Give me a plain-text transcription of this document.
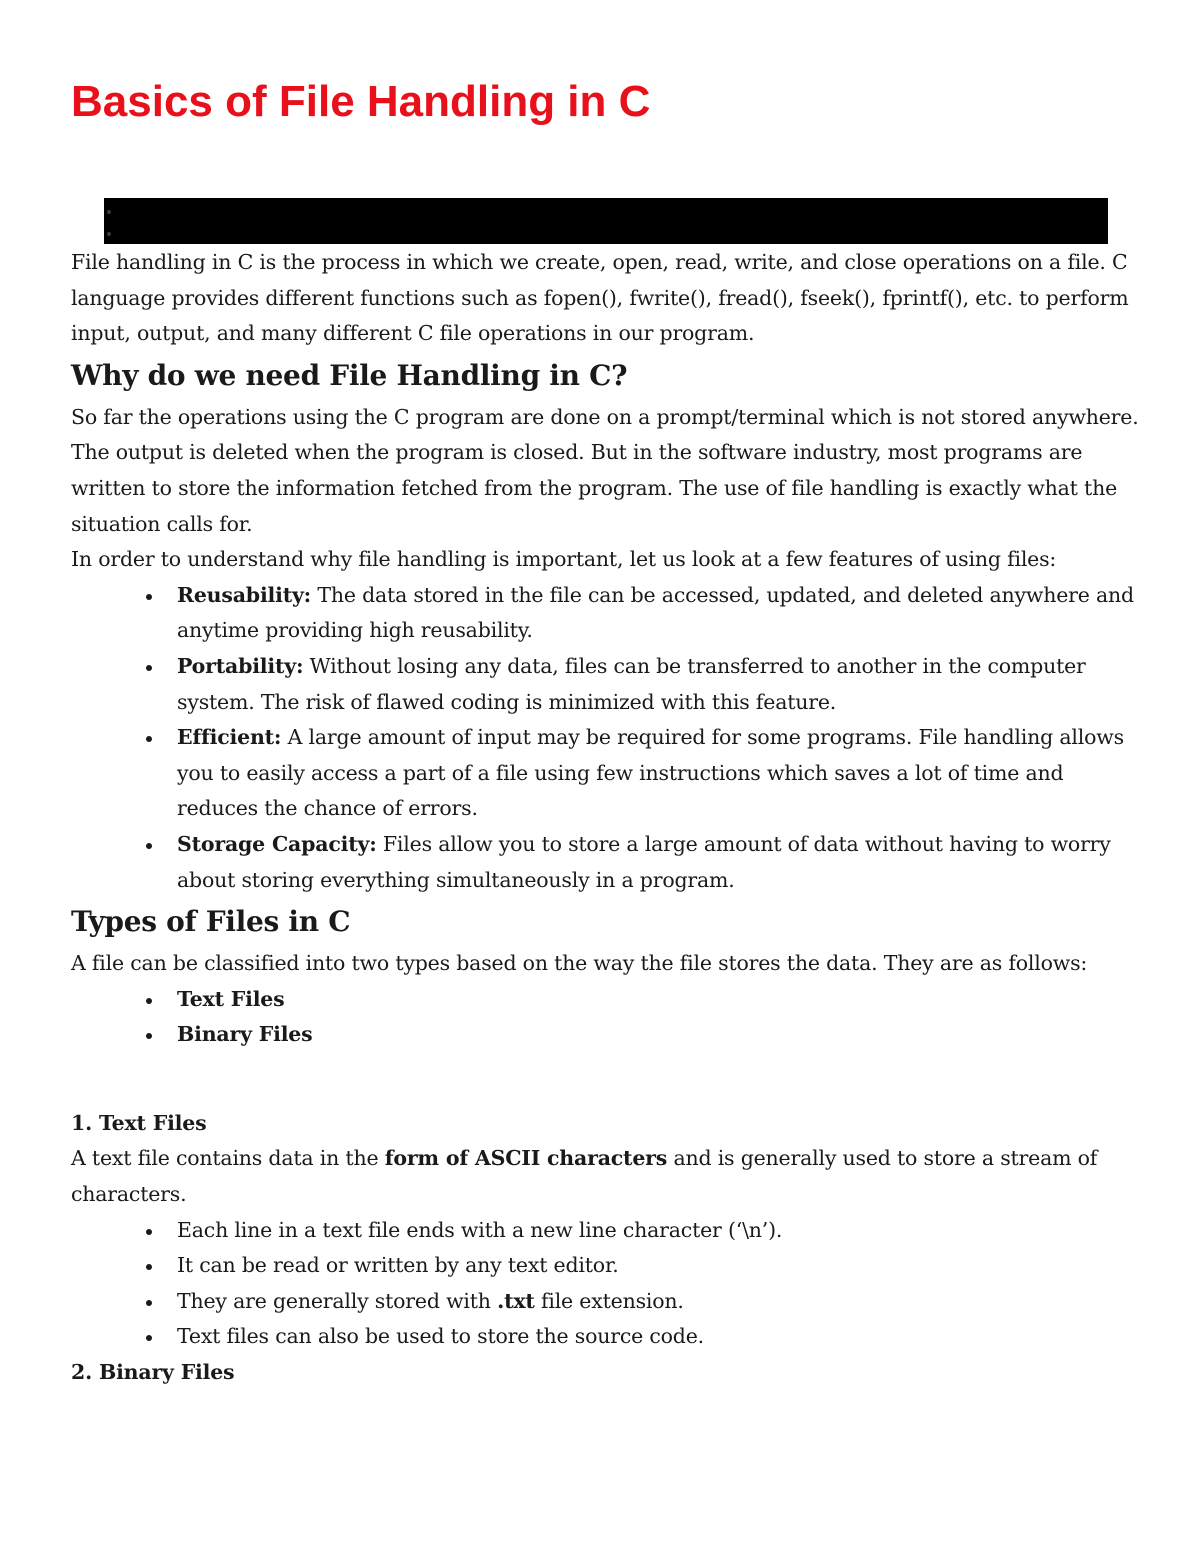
Basics of File Handling in C

File handling in C is the process in which we create, open, read, write, and close operations on a file. C language provides different functions such as fopen(), fwrite(), fread(), fseek(), fprintf(), etc. to perform input, output, and many different C file operations in our program.

Why do we need File Handling in C?

So far the operations using the C program are done on a prompt/terminal which is not stored anywhere. The output is deleted when the program is closed. But in the software industry, most programs are written to store the information fetched from the program. The use of file handling is exactly what the situation calls for.

In order to understand why file handling is important, let us look at a few features of using files:

Reusability: The data stored in the file can be accessed, updated, and deleted anywhere and anytime providing high reusability.
Portability: Without losing any data, files can be transferred to another in the computer system. The risk of flawed coding is minimized with this feature.
Efficient: A large amount of input may be required for some programs. File handling allows you to easily access a part of a file using few instructions which saves a lot of time and reduces the chance of errors.
Storage Capacity: Files allow you to store a large amount of data without having to worry about storing everything simultaneously in a program.
Types of Files in C

A file can be classified into two types based on the way the file stores the data. They are as follows:

Text Files
Binary Files
1. Text Files

A text file contains data in the form of ASCII characters and is generally used to store a stream of characters.

Each line in a text file ends with a new line character (‘\n’).
It can be read or written by any text editor.
They are generally stored with .txt file extension.
Text files can also be used to store the source code.
2. Binary Files
